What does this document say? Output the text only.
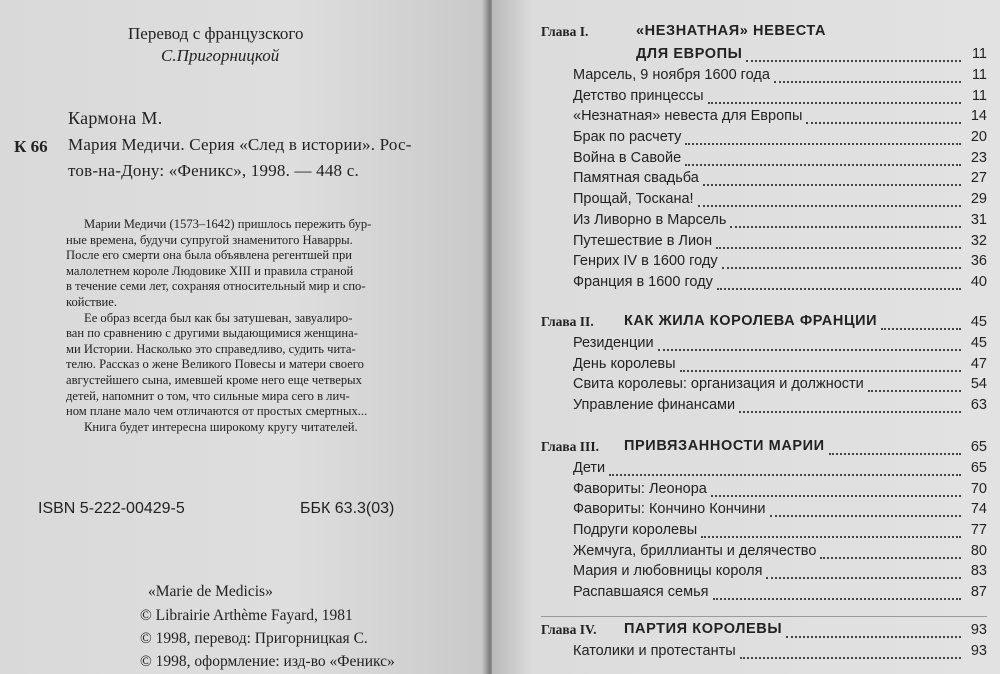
Перевод с французского
С.Пригорницкой
Кармона М.
К 66 Мария Медичи. Серия «След в истории». Рос-
тов-на-Дону: «Феникс», 1998. — 448 с.
Марии Медичи (1573–1642) пришлось пережить бур-
ные времена, будучи супругой знаменитого Наварры.
После его смерти она была объявлена регентшей при
малолетнем короле Людовике XIII и правила страной
в течение семи лет, сохраняя относительный мир и спо-
койствие.
Ее образ всегда был как бы затушеван, завуалиро-
ван по сравнению с другими выдающимися женщина-
ми Истории. Насколько это справедливо, судить чита-
телю. Рассказ о жене Великого Повесы и матери своего
августейшего сына, имевшей кроме него еще четверых
детей, напомнит о том, что сильные мира сего в лич-
ном плане мало чем отличаются от простых смертных...
Книга будет интересна широкому кругу читателей.
ISBN 5-222-00429-5	ББК 63.3(03)
«Marie de Medicis»
© Librairie Arthème Fayard, 1981
© 1998, перевод: Пригорницкая С.
© 1998, оформление: изд-во «Феникс»
Глава I.	«НЕЗНАТНАЯ» НЕВЕСТА
ДЛЯ ЕВРОПЫ	11
Марсель, 9 ноября 1600 года	11
Детство принцессы	11
«Незнатная» невеста для Европы	14
Брак по расчету	20
Война в Савойе	23
Памятная свадьба	27
Прощай, Тоскана!	29
Из Ливорно в Марсель	31
Путешествие в Лион	32
Генрих IV в 1600 году	36
Франция в 1600 году	40
Глава II. КАК ЖИЛА КОРОЛЕВА ФРАНЦИИ	45
Резиденции	45
День королевы	47
Свита королевы: организация и должности	54
Управление финансами	63
Глава III. ПРИВЯЗАННОСТИ МАРИИ	65
Дети	65
Фавориты: Леонора	70
Фавориты: Кончино Кончини	74
Подруги королевы	77
Жемчуга, бриллианты и делячество	80
Мария и любовницы короля	83
Распавшаяся семья	87
Глава IV. ПАРТИЯ КОРОЛЕВЫ	93
Католики и протестанты	93
